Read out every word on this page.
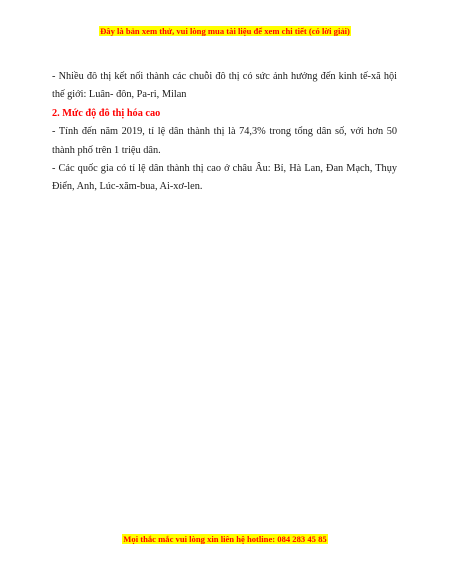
Đây là bản xem thử, vui lòng mua tài liệu để xem chi tiết (có lời giải)

- Nhiều đô thị kết nối thành các chuỗi đô thị có sức ảnh hưởng đến kinh tế-xã hội thế giới: Luân- đôn, Pa-ri, Milan

2. Mức độ đô thị hóa cao

- Tính đến năm 2019, tỉ lệ dân thành thị là 74,3% trong tổng dân số, với hơn 50 thành phố trên 1 triệu dân.

- Các quốc gia có tỉ lệ dân thành thị cao ở châu Âu: Bỉ, Hà Lan, Đan Mạch, Thụy Điển, Anh, Lúc-xăm-bua, Ai-xơ-len.

Mọi thắc mắc vui lòng xin liên hệ hotline: 084 283 45 85
